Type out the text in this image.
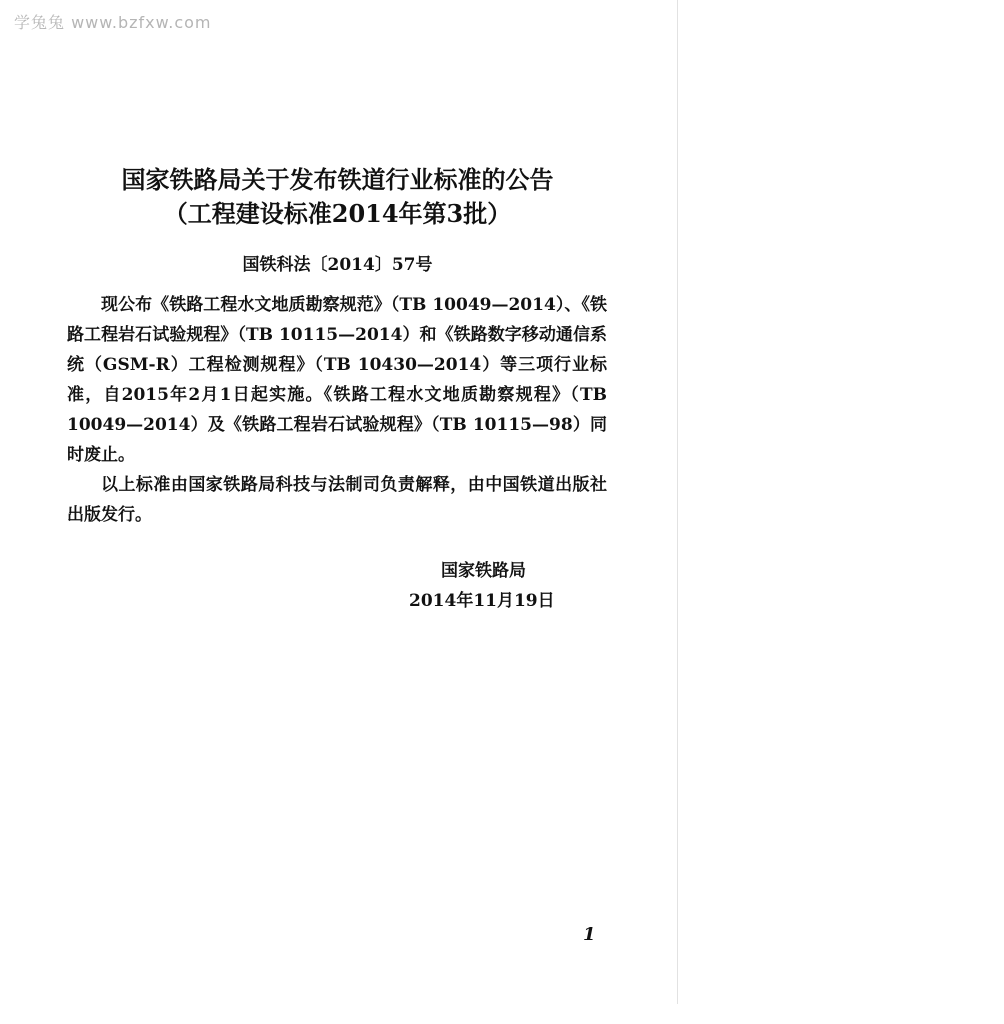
学兔兔 www.bzfxw.com
国家铁路局关于发布铁道行业标准的公告
（工程建设标准2014年第3批）
国铁科法〔2014〕57号

现公布《铁路工程水文地质勘察规范》（TB 10049—2014）、《铁路工程岩石试验规程》（TB 10115—2014）和《铁路数字移动通信系统（GSM-R）工程检测规程》（TB 10430—2014）等三项行业标准，自2015年2月1日起实施。《铁路工程水文地质勘察规程》（TB 10049—2014）及《铁路工程岩石试验规程》（TB 10115—98）同时废止。

以上标准由国家铁路局科技与法制司负责解释，由中国铁道出版社出版发行。

国家铁路局
2014年11月19日
1
